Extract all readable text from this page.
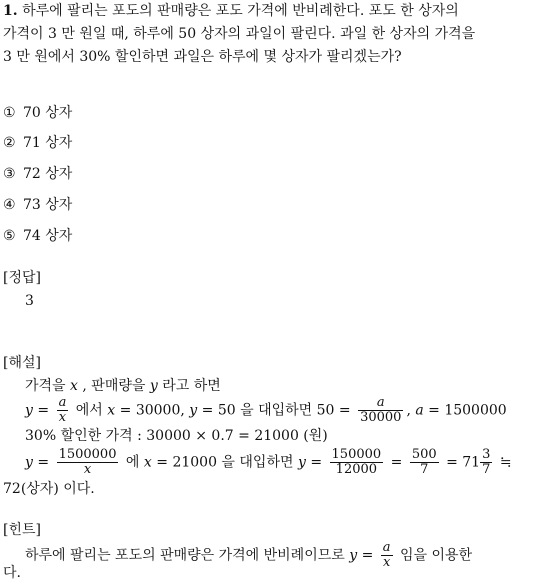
1. 하루에 팔리는 포도의 판매량은 포도 가격에 반비례한다. 포도 한 상자의
가격이 3 만 원일 때, 하루에 50 상자의 과일이 팔린다. 과일 한 상자의 가격을
3 만 원에서 30% 할인하면 과일은 하루에 몇 상자가 팔리겠는가?
① 70 상자
② 71 상자
③ 72 상자
④ 73 상자
⑤ 74 상자
[정답]
3
[해설]
가격을 x , 판매량을 y 라고 하면
$y = \frac{a}{x}$ 에서 x = 30000, y = 50 을 대입하면 $50 = \frac{a}{30000}$ , a = 1500000
30% 할인한 가격 : 30000 × 0.7 = 21000 (원)
$y = \frac{1500000}{x}$ 에 x = 21000 을 대입하면 $y = \frac{150000}{12000} = \frac{500}{7} = 71 \frac{3}{7}$ ≒
72(상자) 이다.
[힌트]
하루에 팔리는 포도의 판매량은 가격에 반비례이므로 $y = \frac{a}{x}$ 임을 이용한
다.
